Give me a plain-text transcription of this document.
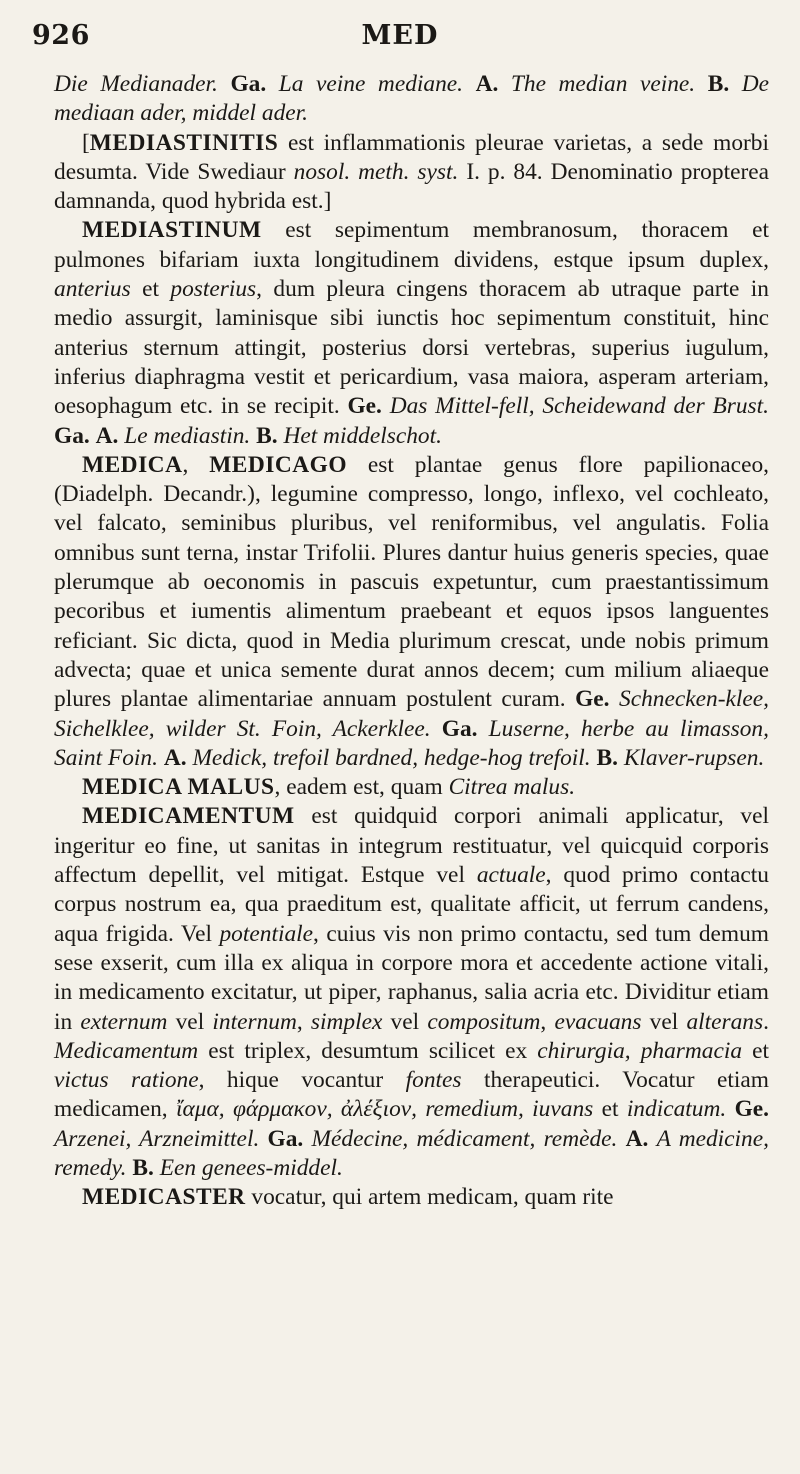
926	MED

Die Medianader. Ga. La veine mediane. A. The median veine. B. De mediaan ader, middel ader.

[MEDIASTINITIS est inflammationis pleurae varietas, a sede morbi desumta. Vide Swediaur nosol. meth. syst. I. p. 84. Denominatio propterea damnanda, quod hybrida est.]

MEDIASTINUM est sepimentum membranosum, thoracem et pulmones bifariam iuxta longitudinem dividens, estque ipsum duplex, anterius et posterius, dum pleura cingens thoracem ab utraque parte in medio assurgit, laminisque sibi iunctis hoc sepimentum constituit, hinc anterius sternum attingit, posterius dorsi vertebras, superius iugulum, inferius diaphragma vestit et pericardium, vasa maiora, asperam arteriam, oesophagum etc. in se recipit. Ge. Das Mittel-fell, Scheidewand der Brust. Ga. A. Le mediastin. B. Het middelschot.

MEDICA, MEDICAGO est plantae genus flore papilionaceo, (Diadelph. Decandr.), legumine compresso, longo, inflexo, vel cochleato, vel falcato, seminibus pluribus, vel reniformibus, vel angulatis. Folia omnibus sunt terna, instar Trifolii. Plures dantur huius generis species, quae plerumque ab oeconomis in pascuis expetuntur, cum praestantissimum pecoribus et iumentis alimentum praebeant et equos ipsos languentes reficiant. Sic dicta, quod in Media plurimum crescat, unde nobis primum advecta; quae et unica semente durat annos decem; cum milium aliaeque plures plantae alimentariae annuam postulent curam. Ge. Schnecken-klee, Sichelklee, wilder St. Foin, Ackerklee. Ga. Luserne, herbe au limasson, Saint Foin. A. Medick, trefoil bardned, hedge-hog trefoil. B. Klaver-rupsen.

MEDICA MALUS, eadem est, quam Citrea malus.

MEDICAMENTUM est quidquid corpori animali applicatur, vel ingeritur eo fine, ut sanitas in integrum restituatur, vel quicquid corporis affectum depellit, vel mitigat. Estque vel actuale, quod primo contactu corpus nostrum ea, qua praeditum est, qualitate afficit, ut ferrum candens, aqua frigida. Vel potentiale, cuius vis non primo contactu, sed tum demum sese exserit, cum illa ex aliqua in corpore mora et accedente actione vitali, in medicamento excitatur, ut piper, raphanus, salia acria etc. Dividitur etiam in externum vel internum, simplex vel compositum, evacuans vel alterans. Medicamentum est triplex, desumtum scilicet ex chirurgia, pharmacia et victus ratione, hique vocantur fontes therapeutici. Vocatur etiam medicamen, ἴαμα, φάρμακον, ἀλέξιον, remedium, iuvans et indicatum. Ge. Arzenei, Arzneimittel. Ga. Médecine, médicament, remède. A. A medicine, remedy. B. Een genees-middel.

MEDICASTER vocatur, qui artem medicam, quam rite
